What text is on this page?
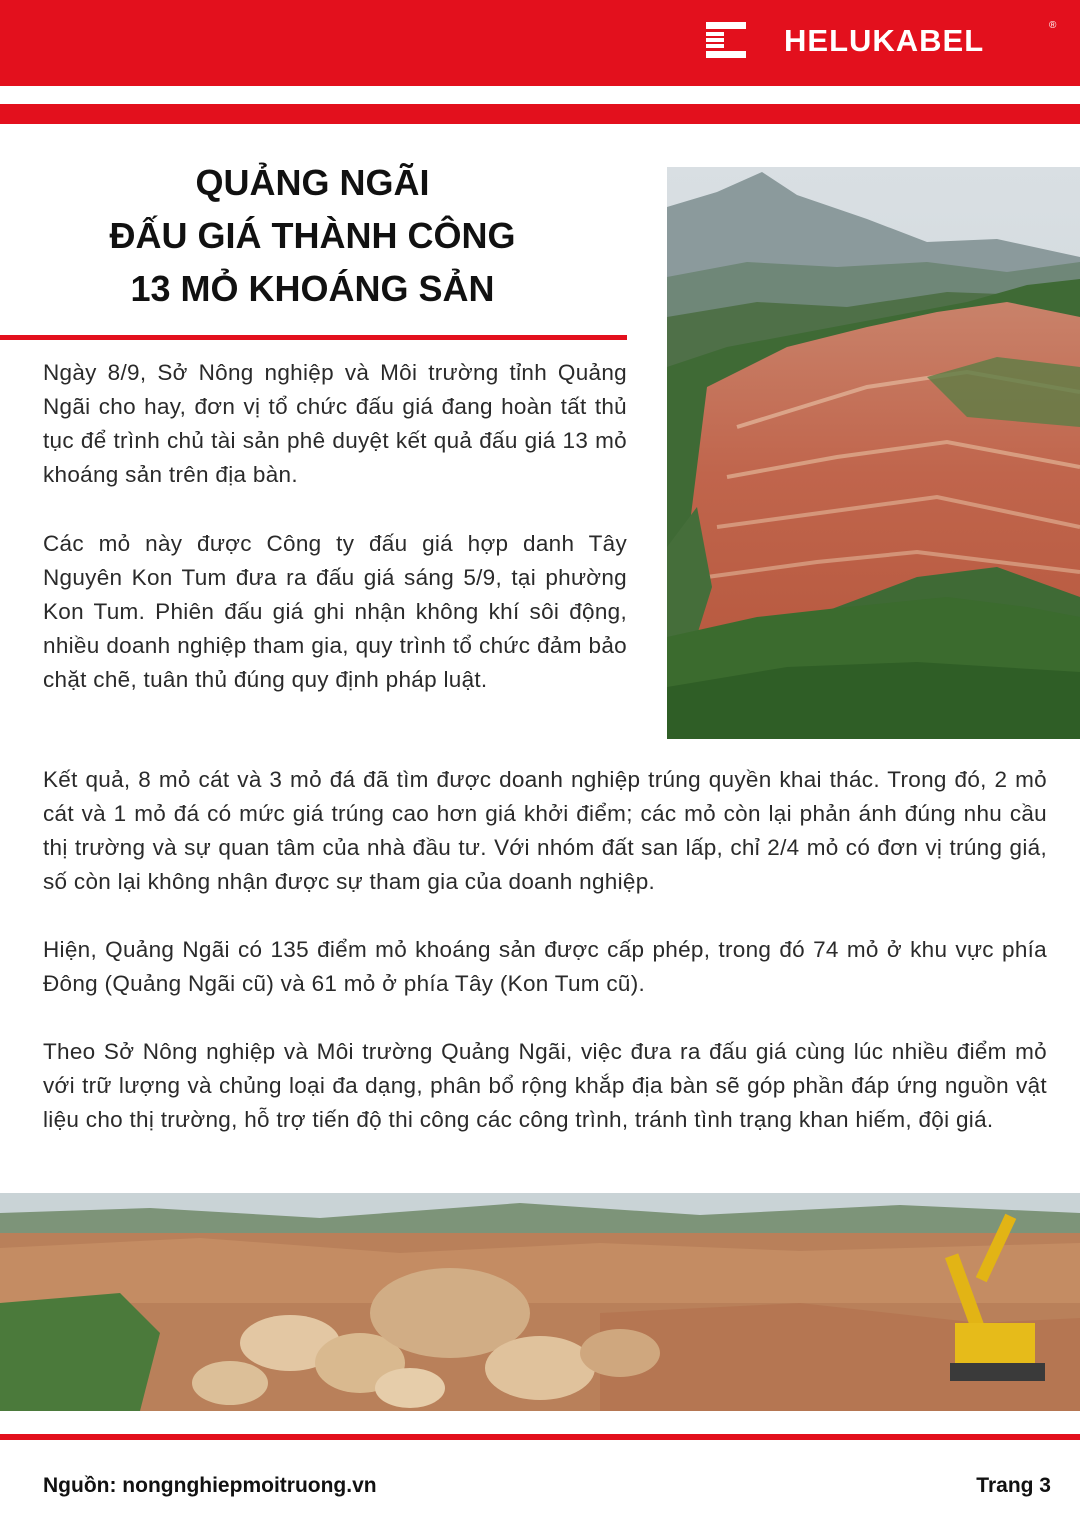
HELUKABEL	®
QUẢNG NGÃI
ĐẤU GIÁ THÀNH CÔNG
13 MỎ KHOÁNG SẢN

Ngày 8/9, Sở Nông nghiệp và Môi trường tỉnh Quảng Ngãi cho hay, đơn vị tổ chức đấu giá đang hoàn tất thủ tục để trình chủ tài sản phê duyệt kết quả đấu giá 13 mỏ khoáng sản trên địa bàn.

Các mỏ này được Công ty đấu giá hợp danh Tây Nguyên Kon Tum đưa ra đấu giá sáng 5/9, tại phường Kon Tum. Phiên đấu giá ghi nhận không khí sôi động, nhiều doanh nghiệp tham gia, quy trình tổ chức đảm bảo chặt chẽ, tuân thủ đúng quy định pháp luật.

Kết quả, 8 mỏ cát và 3 mỏ đá đã tìm được doanh nghiệp trúng quyền khai thác. Trong đó, 2 mỏ cát và 1 mỏ đá có mức giá trúng cao hơn giá khởi điểm; các mỏ còn lại phản ánh đúng nhu cầu thị trường và sự quan tâm của nhà đầu tư. Với nhóm đất san lấp, chỉ 2/4 mỏ có đơn vị trúng giá, số còn lại không nhận được sự tham gia của doanh nghiệp.

Hiện, Quảng Ngãi có 135 điểm mỏ khoáng sản được cấp phép, trong đó 74 mỏ ở khu vực phía Đông (Quảng Ngãi cũ) và 61 mỏ ở phía Tây (Kon Tum cũ).

Theo Sở Nông nghiệp và Môi trường Quảng Ngãi, việc đưa ra đấu giá cùng lúc nhiều điểm mỏ với trữ lượng và chủng loại đa dạng, phân bổ rộng khắp địa bàn sẽ góp phần đáp ứng nguồn vật liệu cho thị trường, hỗ trợ tiến độ thi công các công trình, tránh tình trạng khan hiếm, đội giá.

Nguồn: nongnghiepmoitruong.vn	Trang 3
